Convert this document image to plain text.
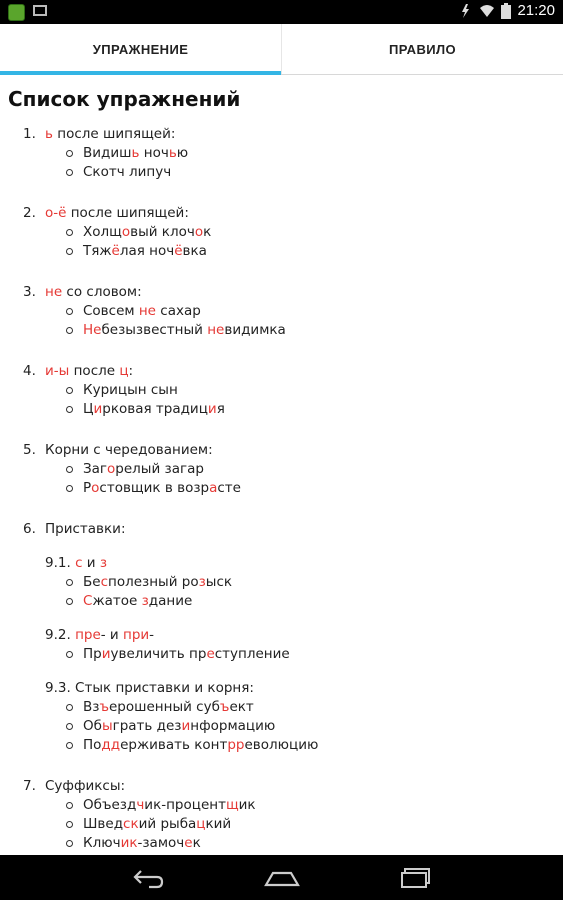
21:20
УПРАЖНЕНИЕ	ПРАВИЛО
Список упражнений
1. ь после шипящей:
Видишь ночью
Скотч липуч
2. о-ё после шипящей:
Холщовый клочок
Тяжёлая ночёвка
3. не со словом:
Совсем не сахар
Небезызвестный невидимка
4. и-ы после ц:
Курицын сын
Цирковая традиция
5. Корни с чередованием:
Загорелый загар
Ростовщик в возрасте
6. Приставки:
9.1. с и з
Бесполезный розыск
Сжатое здание
9.2. пре- и при-
Приувеличить преступление
9.3. Стык приставки и корня:
Взъерошенный субъект
Обыграть дезинформацию
Поддерживать контрреволюцию
7. Суффиксы:
Объездчик-процентщик
Шведский рыбацкий
Ключик-замочек
